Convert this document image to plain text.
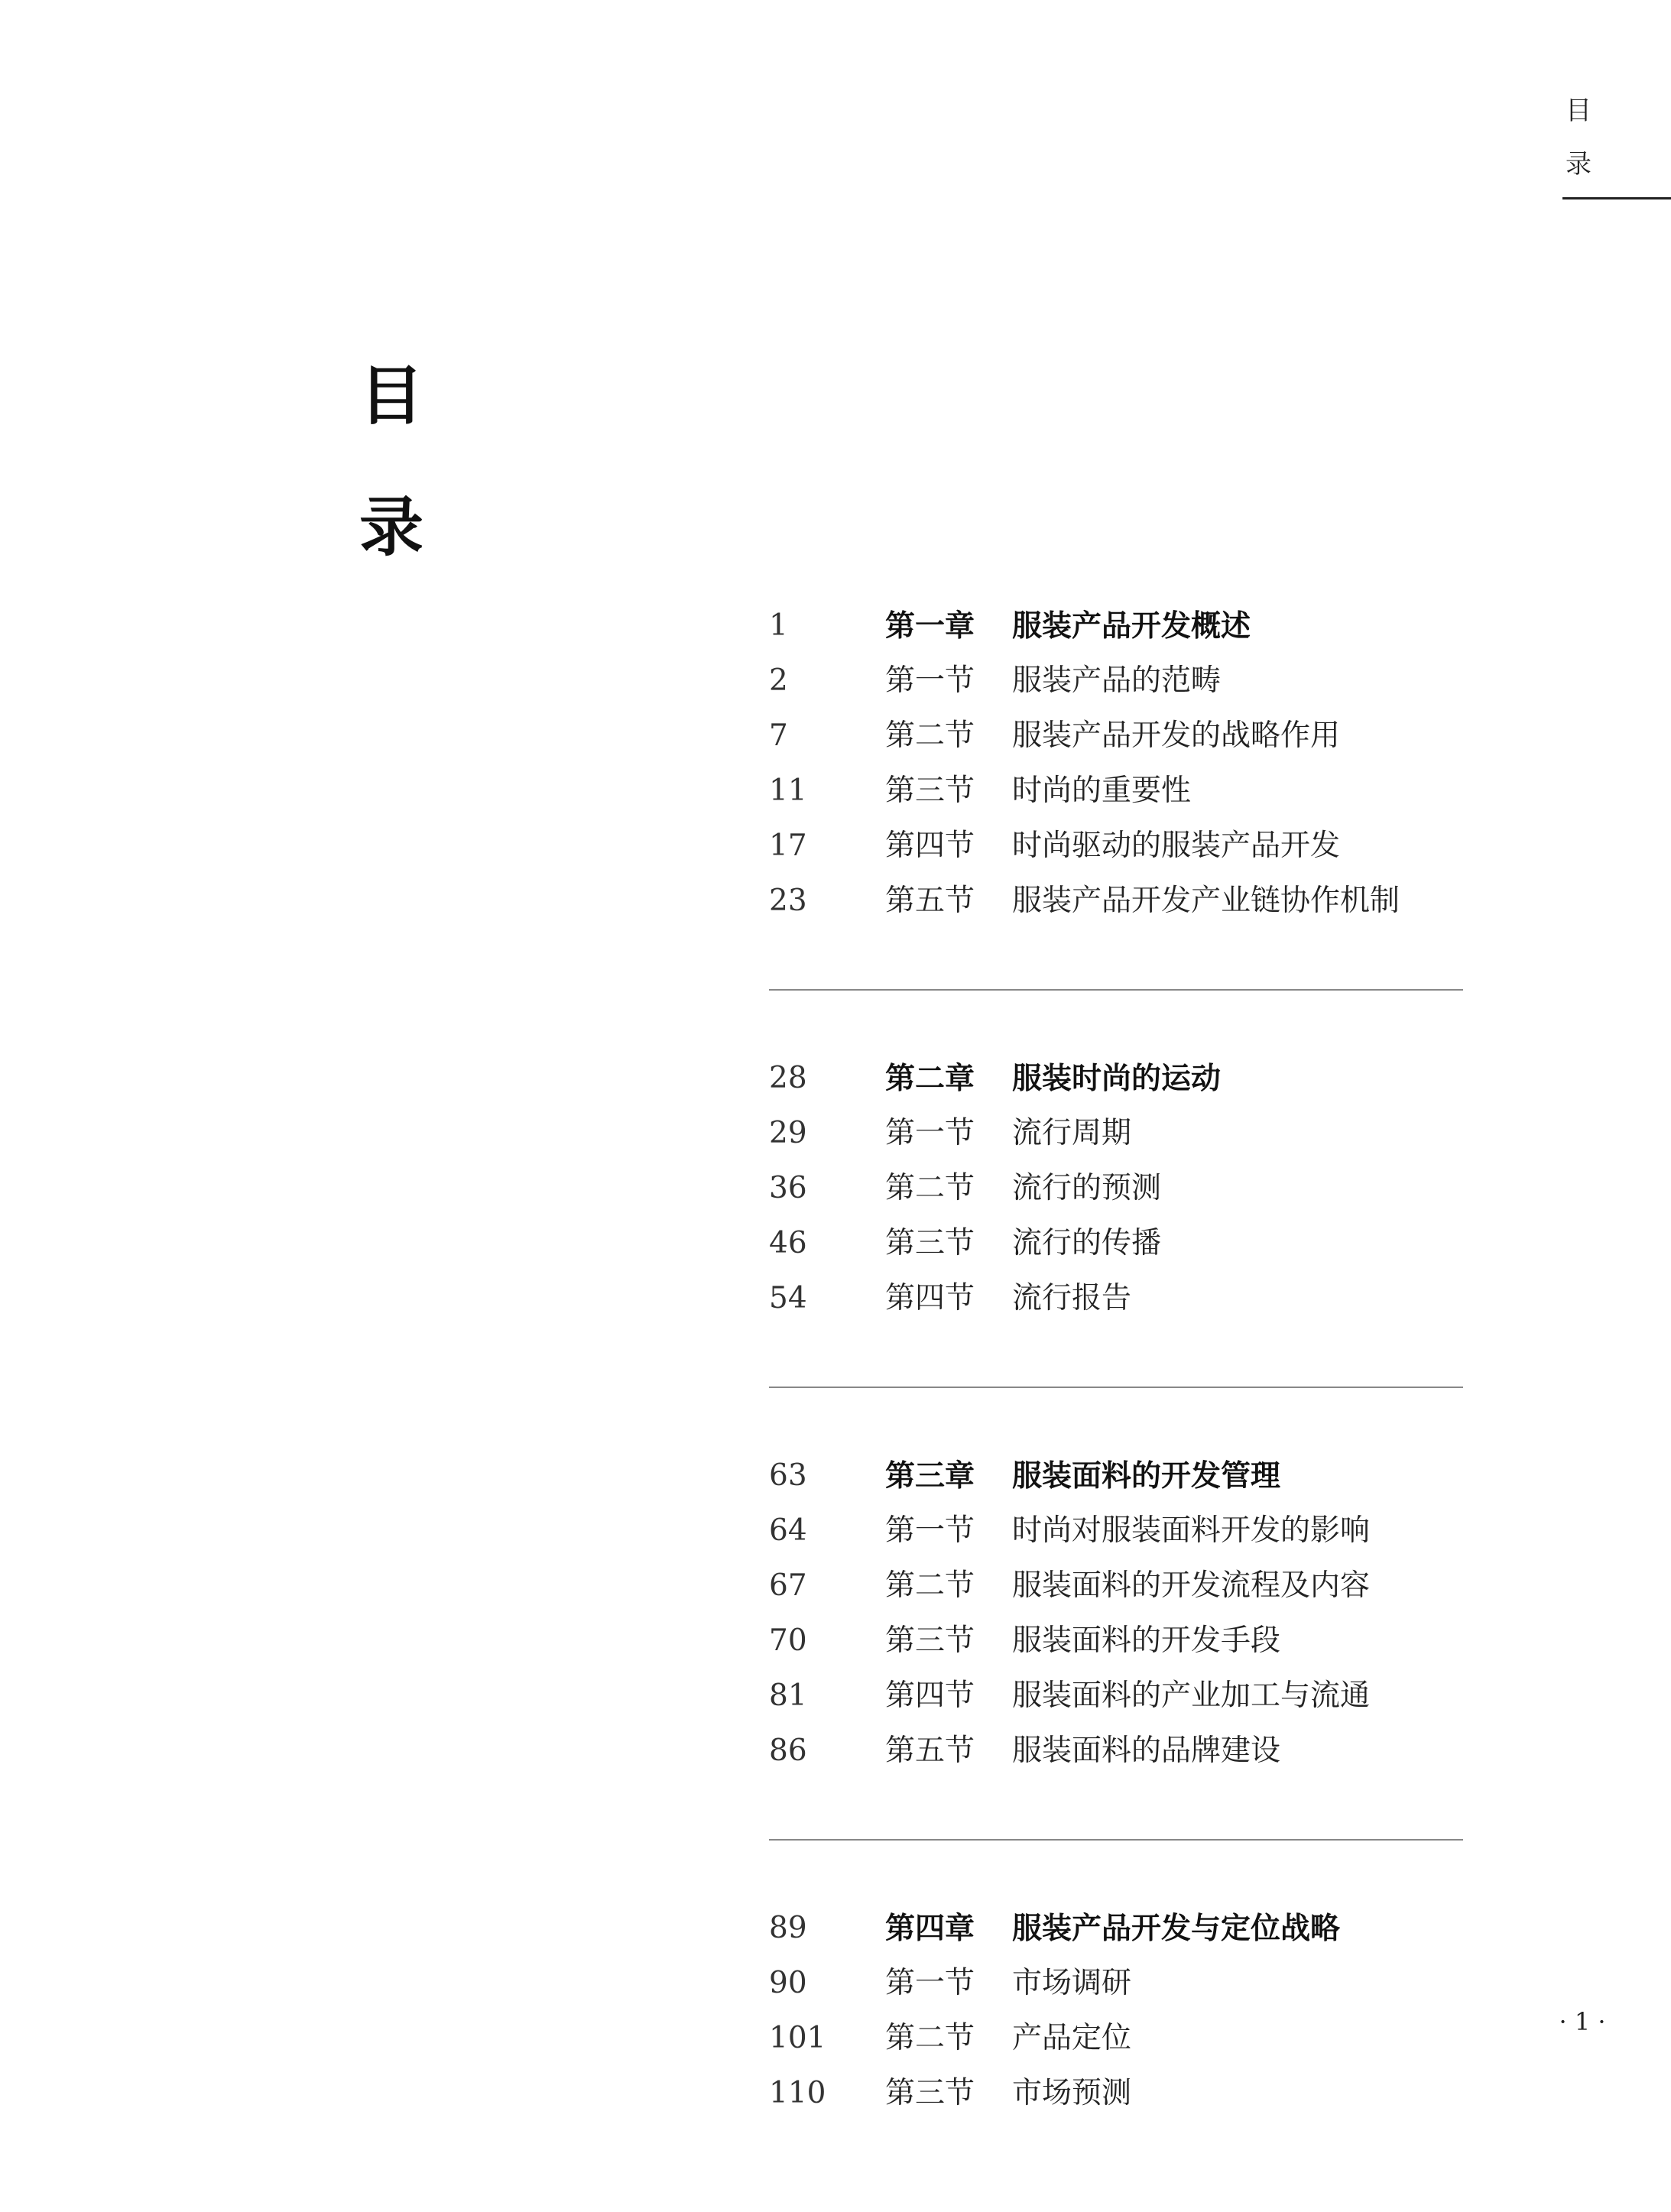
目
录
目
录
1	第一章 服装产品开发概述
2	第一节 服装产品的范畴
7	第二节 服装产品开发的战略作用
11	第三节 时尚的重要性
17	第四节 时尚驱动的服装产品开发
23	第五节 服装产品开发产业链协作机制
28	第二章 服装时尚的运动
29	第一节 流行周期
36	第二节 流行的预测
46	第三节 流行的传播
54	第四节 流行报告
63	第三章 服装面料的开发管理
64	第一节 时尚对服装面料开发的影响
67	第二节 服装面料的开发流程及内容
70	第三节 服装面料的开发手段
81	第四节 服装面料的产业加工与流通
86	第五节 服装面料的品牌建设
89	第四章 服装产品开发与定位战略
90	第一节 市场调研
101 第二节 产品定位
110 第三节 市场预测
· 1 ·
